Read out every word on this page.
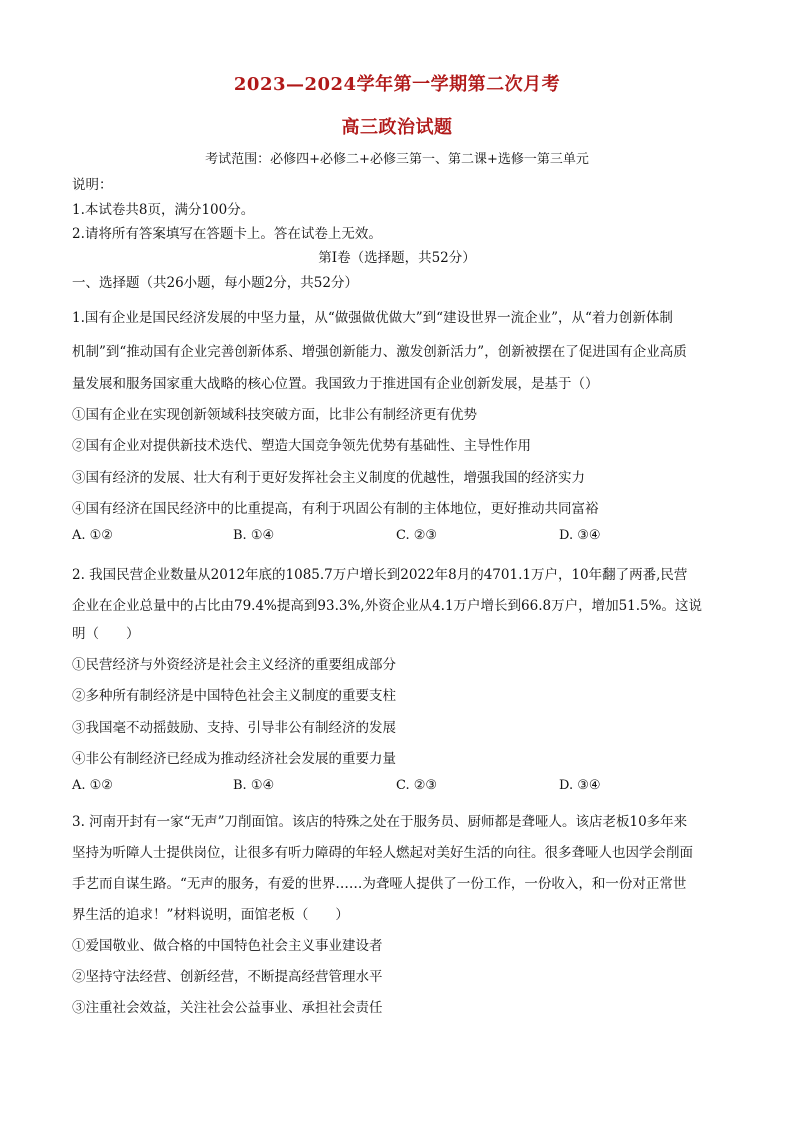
2023—2024学年第一学期第二次月考
高三政治试题
考试范围：必修四+必修二+必修三第一、第二课+选修一第三单元
说明：
1.本试卷共8页，满分100分。
2.请将所有答案填写在答题卡上。答在试卷上无效。
第Ⅰ卷（选择题，共52分）
一、选择题（共26小题，每小题2分，共52分）
1.国有企业是国民经济发展的中坚力量，从“做强做优做大”到“建设世界一流企业”，从“着力创新体制
机制”到“推动国有企业完善创新体系、增强创新能力、激发创新活力”，创新被摆在了促进国有企业高质
量发展和服务国家重大战略的核心位置。我国致力于推进国有企业创新发展，是基于（）
①国有企业在实现创新领域科技突破方面，比非公有制经济更有优势
②国有企业对提供新技术迭代、塑造大国竞争领先优势有基础性、主导性作用
③国有经济的发展、壮大有利于更好发挥社会主义制度的优越性，增强我国的经济实力
④国有经济在国民经济中的比重提高，有利于巩固公有制的主体地位，更好推动共同富裕
A. ①②	B. ①④	C. ②③	D. ③④
2. 我国民营企业数量从2012年底的1085.7万户增长到2022年8月的4701.1万户，10年翻了两番,民营
企业在企业总量中的占比由79.4%提高到93.3%,外资企业从4.1万户增长到66.8万户，增加51.5%。这说
明（　　）
①民营经济与外资经济是社会主义经济的重要组成部分
②多种所有制经济是中国特色社会主义制度的重要支柱
③我国毫不动摇鼓励、支持、引导非公有制经济的发展
④非公有制经济已经成为推动经济社会发展的重要力量
A. ①②	B. ①④	C. ②③	D. ③④
3. 河南开封有一家“无声”刀削面馆。该店的特殊之处在于服务员、厨师都是聋哑人。该店老板10多年来
坚持为听障人士提供岗位，让很多有听力障碍的年轻人燃起对美好生活的向往。很多聋哑人也因学会削面
手艺而自谋生路。“无声的服务，有爱的世界……为聋哑人提供了一份工作，一份收入，和一份对正常世
界生活的追求！”材料说明，面馆老板（　　）
①爱国敬业、做合格的中国特色社会主义事业建设者
②坚持守法经营、创新经营，不断提高经营管理水平
③注重社会效益，关注社会公益事业、承担社会责任
